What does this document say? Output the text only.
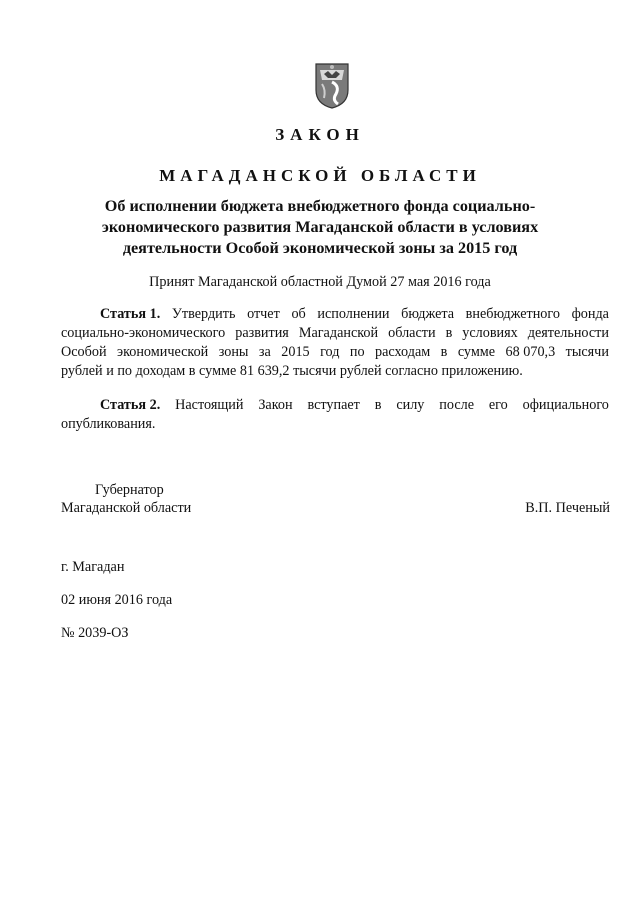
ЗАКОН
МАГАДАНСКОЙ ОБЛАСТИ
Об исполнении бюджета внебюджетного фонда социально-
экономического развития Магаданской области в условиях
деятельности Особой экономической зоны за 2015 год
Принят Магаданской областной Думой 27 мая 2016 года
Статья 1. Утвердить отчет об исполнении бюджета внебюджетного фонда
социально-экономического развития Магаданской области в условиях деятельности
Особой экономической зоны за 2015 год по расходам в сумме 68 070,3 тысячи
рублей и по доходам в сумме 81 639,2 тысячи рублей согласно приложению.
Статья 2. Настоящий Закон вступает в силу после его официального
опубликования.
Губернатор
Магаданской области	В.П. Печеный
г. Магадан
02 июня 2016 года
№ 2039-ОЗ
